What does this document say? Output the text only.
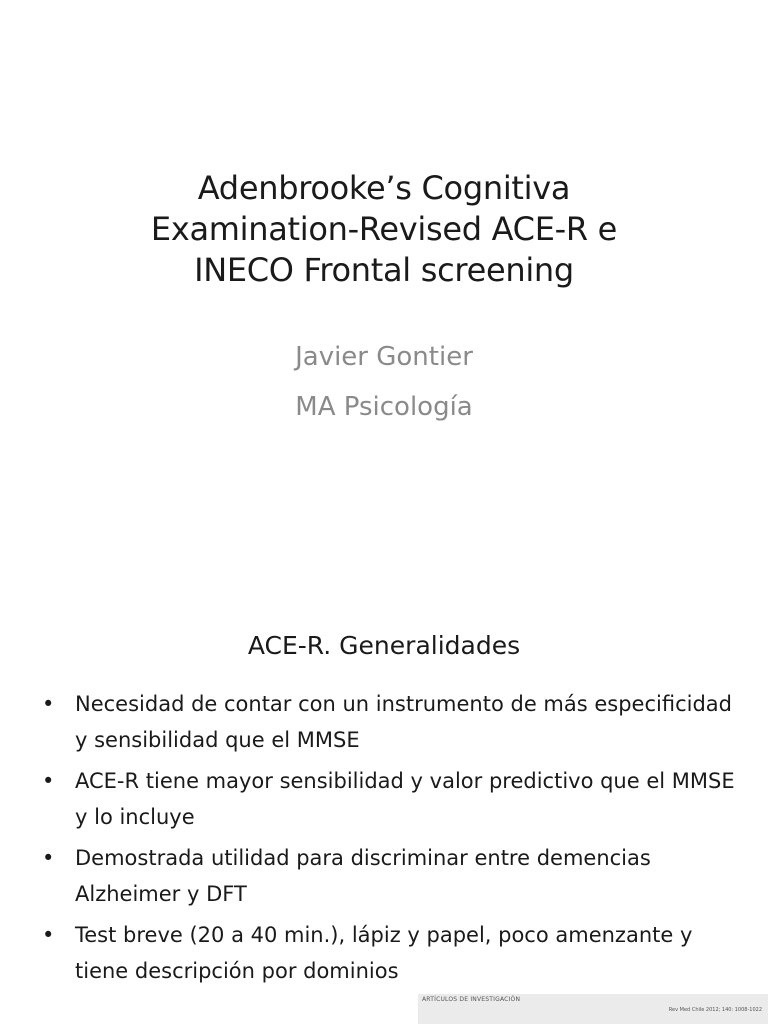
Adenbrooke’s Cognitiva
Examination-Revised ACE-R e
INECO Frontal screening
Javier Gontier
MA Psicología
ACE-R. Generalidades
• Necesidad de contar con un instrumento de más especificidad y sensibilidad que el MMSE
• ACE-R tiene mayor sensibilidad y valor predictivo que el MMSE y lo incluye
• Demostrada utilidad para discriminar entre demencias Alzheimer y DFT
• Test breve (20 a 40 min.), lápiz y papel, poco amenzante y tiene descripción por dominios
ARTÍCULOS DE INVESTIGACIÓN
Rev Med Chile 2012; 140: 1008-1022
